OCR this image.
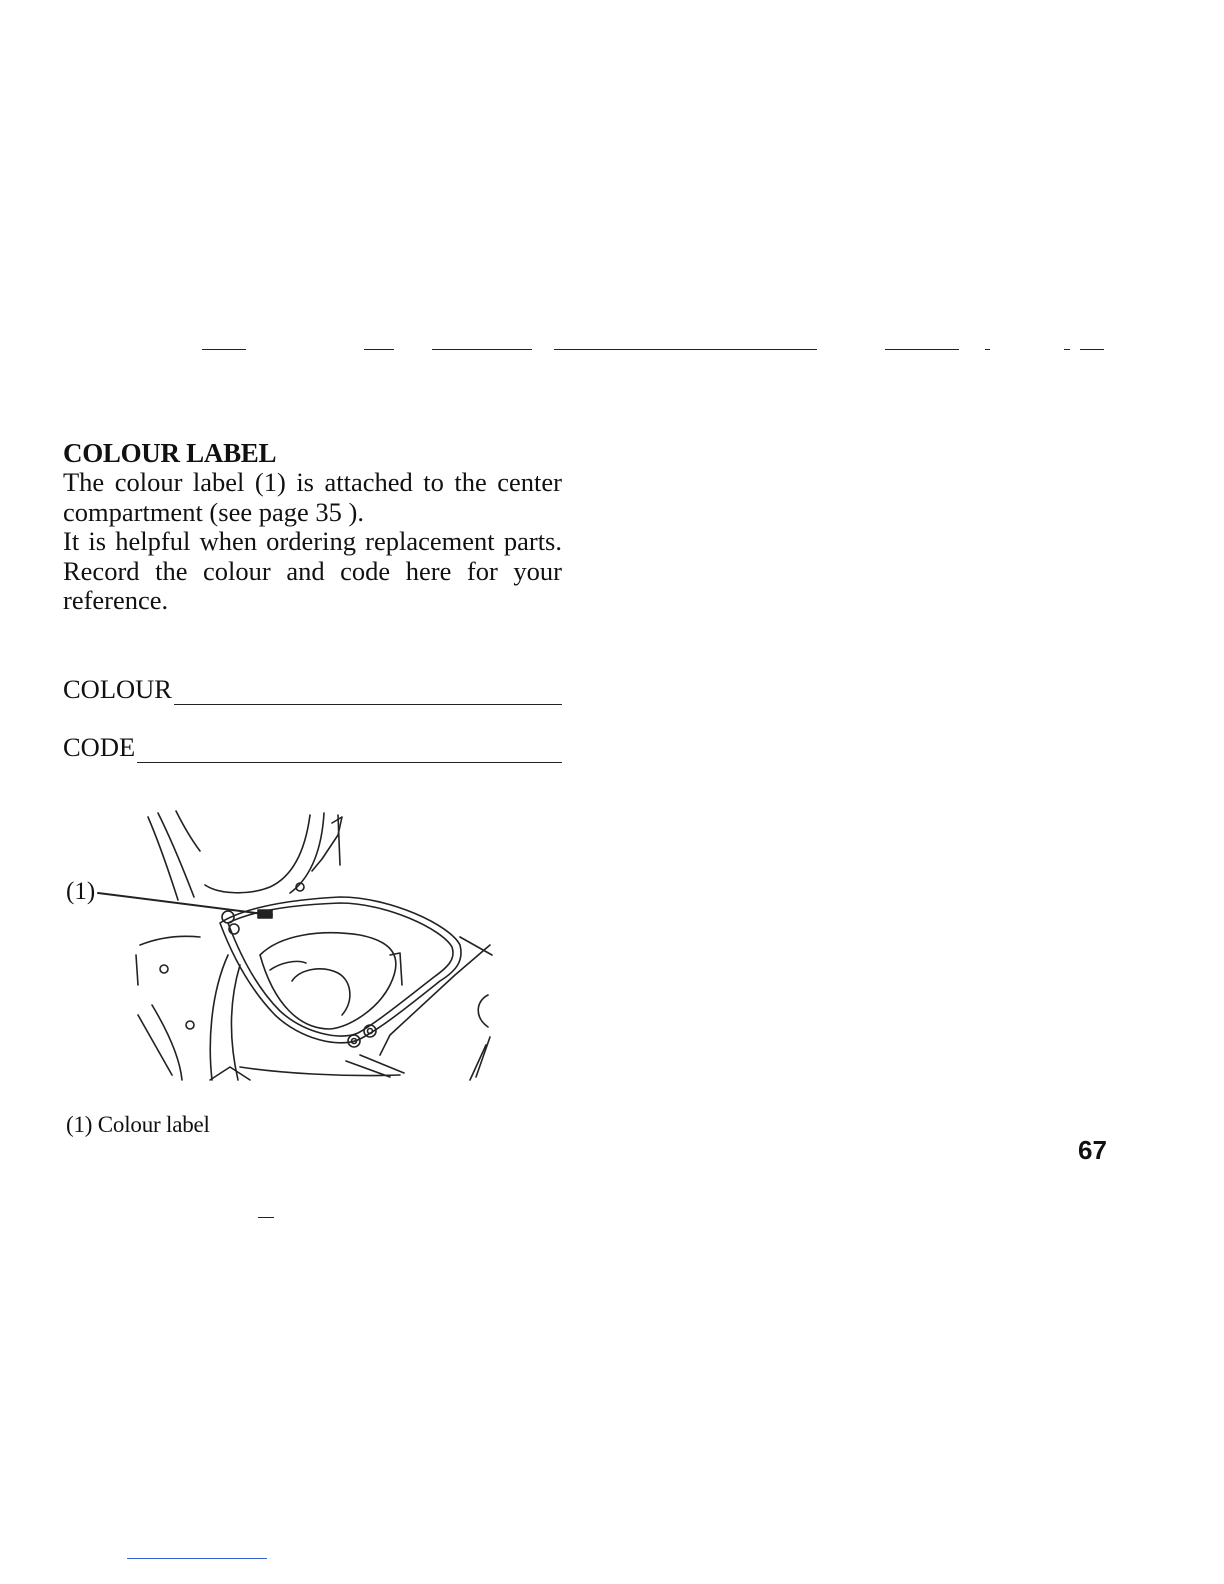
COLOUR LABEL

The colour label (1) is attached to the center compartment (see page 35 ).

It is helpful when ordering replacement parts. Record the colour and code here for your reference.

COLOUR
CODE
(1)
(1) Colour label
67
